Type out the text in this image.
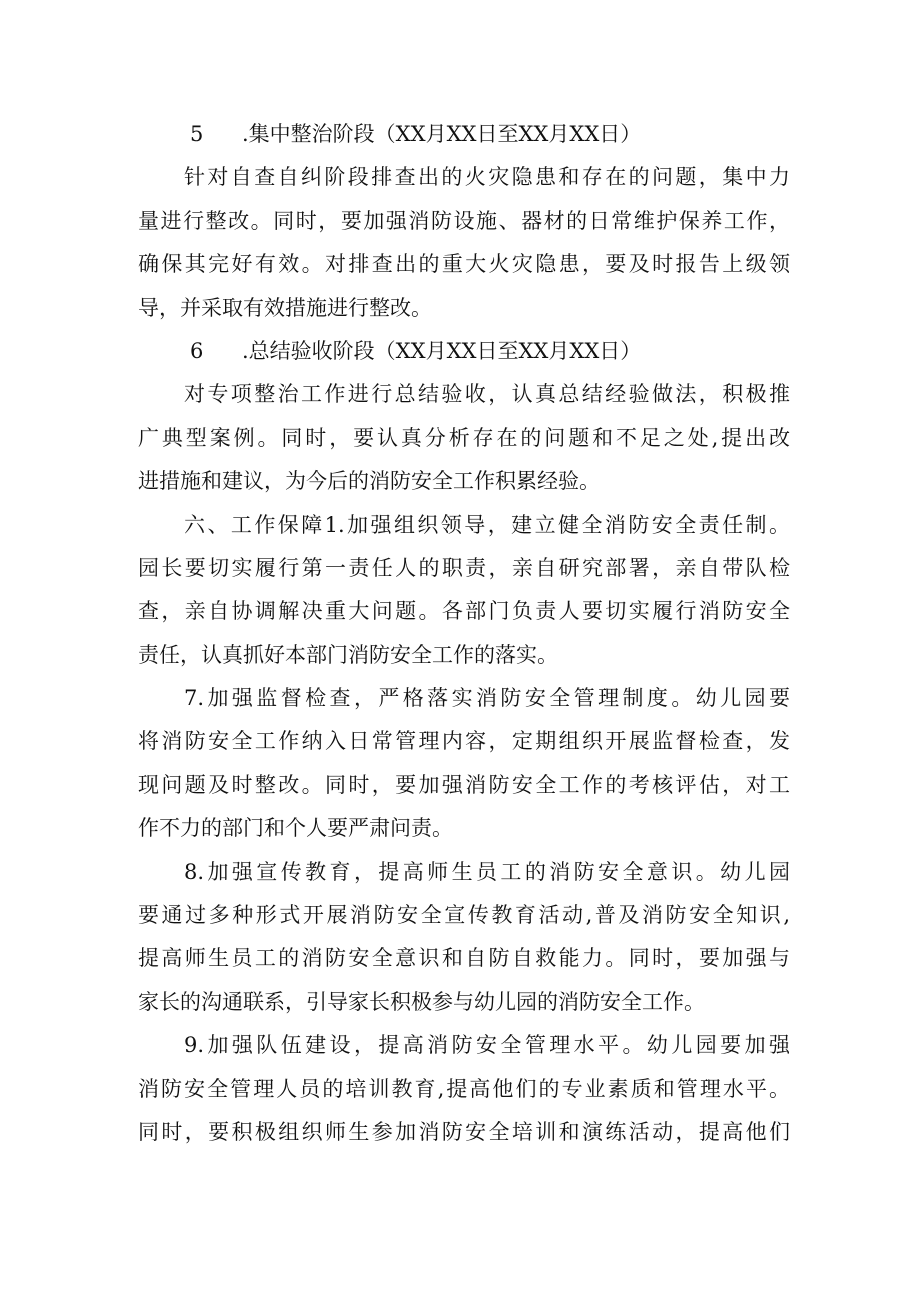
5 .集中整治阶段（XX月XX日至XX月XX日）
针对自查自纠阶段排查出的火灾隐患和存在的问题，集中力
量进行整改。同时，要加强消防设施、器材的日常维护保养工作，
确保其完好有效。对排查出的重大火灾隐患，要及时报告上级领
导，并采取有效措施进行整改。
6 .总结验收阶段（XX月XX日至XX月XX日）
对专项整治工作进行总结验收，认真总结经验做法，积极推
广典型案例。同时，要认真分析存在的问题和不足之处,提出改
进措施和建议，为今后的消防安全工作积累经验。
六、工作保障1.加强组织领导，建立健全消防安全责任制。
园长要切实履行第一责任人的职责，亲自研究部署，亲自带队检
查，亲自协调解决重大问题。各部门负责人要切实履行消防安全
责任，认真抓好本部门消防安全工作的落实。
7.加强监督检查，严格落实消防安全管理制度。幼儿园要
将消防安全工作纳入日常管理内容，定期组织开展监督检查，发
现问题及时整改。同时，要加强消防安全工作的考核评估，对工
作不力的部门和个人要严肃问责。
8.加强宣传教育，提高师生员工的消防安全意识。幼儿园
要通过多种形式开展消防安全宣传教育活动,普及消防安全知识,
提高师生员工的消防安全意识和自防自救能力。同时，要加强与
家长的沟通联系，引导家长积极参与幼儿园的消防安全工作。
9.加强队伍建设，提高消防安全管理水平。幼儿园要加强
消防安全管理人员的培训教育,提高他们的专业素质和管理水平。
同时，要积极组织师生参加消防安全培训和演练活动，提高他们
